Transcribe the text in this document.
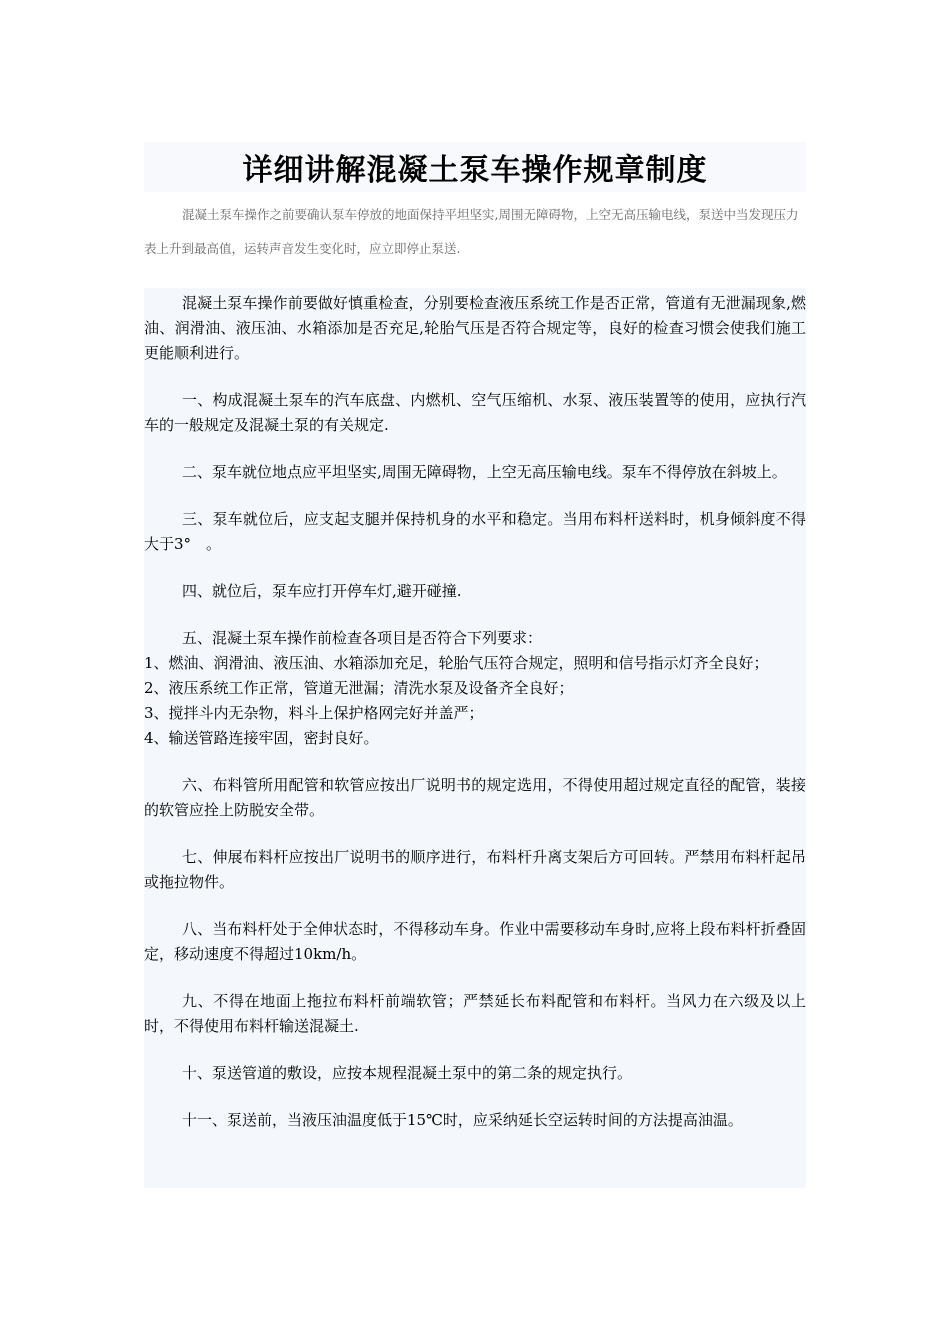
详细讲解混凝土泵车操作规章制度

混凝土泵车操作之前要确认泵车停放的地面保持平坦坚实,周围无障碍物，上空无高压输电线，泵送中当发现压力表上升到最高值，运转声音发生变化时，应立即停止泵送.

混凝土泵车操作前要做好慎重检查，分别要检查液压系统工作是否正常，管道有无泄漏现象,燃油、润滑油、液压油、水箱添加是否充足,轮胎气压是否符合规定等，良好的检查习惯会使我们施工更能顺利进行。

一、构成混凝土泵车的汽车底盘、内燃机、空气压缩机、水泵、液压装置等的使用，应执行汽车的一般规定及混凝土泵的有关规定.

二、泵车就位地点应平坦坚实,周围无障碍物，上空无高压输电线。泵车不得停放在斜坡上。

三、泵车就位后，应支起支腿并保持机身的水平和稳定。当用布料杆送料时，机身倾斜度不得大于3°　。

四、就位后，泵车应打开停车灯,避开碰撞.

五、混凝土泵车操作前检查各项目是否符合下列要求：

1、燃油、润滑油、液压油、水箱添加充足，轮胎气压符合规定，照明和信号指示灯齐全良好；

2、液压系统工作正常，管道无泄漏；清洗水泵及设备齐全良好；

3、搅拌斗内无杂物，料斗上保护格网完好并盖严；

4、输送管路连接牢固，密封良好。

六、布料管所用配管和软管应按出厂说明书的规定选用，不得使用超过规定直径的配管，装接的软管应拴上防脱安全带。

七、伸展布料杆应按出厂说明书的顺序进行，布料杆升离支架后方可回转。严禁用布料杆起吊或拖拉物件。

八、当布料杆处于全伸状态时，不得移动车身。作业中需要移动车身时,应将上段布料杆折叠固定，移动速度不得超过10km/h。

九、不得在地面上拖拉布料杆前端软管；严禁延长布料配管和布料杆。当风力在六级及以上时，不得使用布料杆输送混凝土.

十、泵送管道的敷设，应按本规程混凝土泵中的第二条的规定执行。

十一、泵送前，当液压油温度低于15℃时，应采纳延长空运转时间的方法提高油温。
